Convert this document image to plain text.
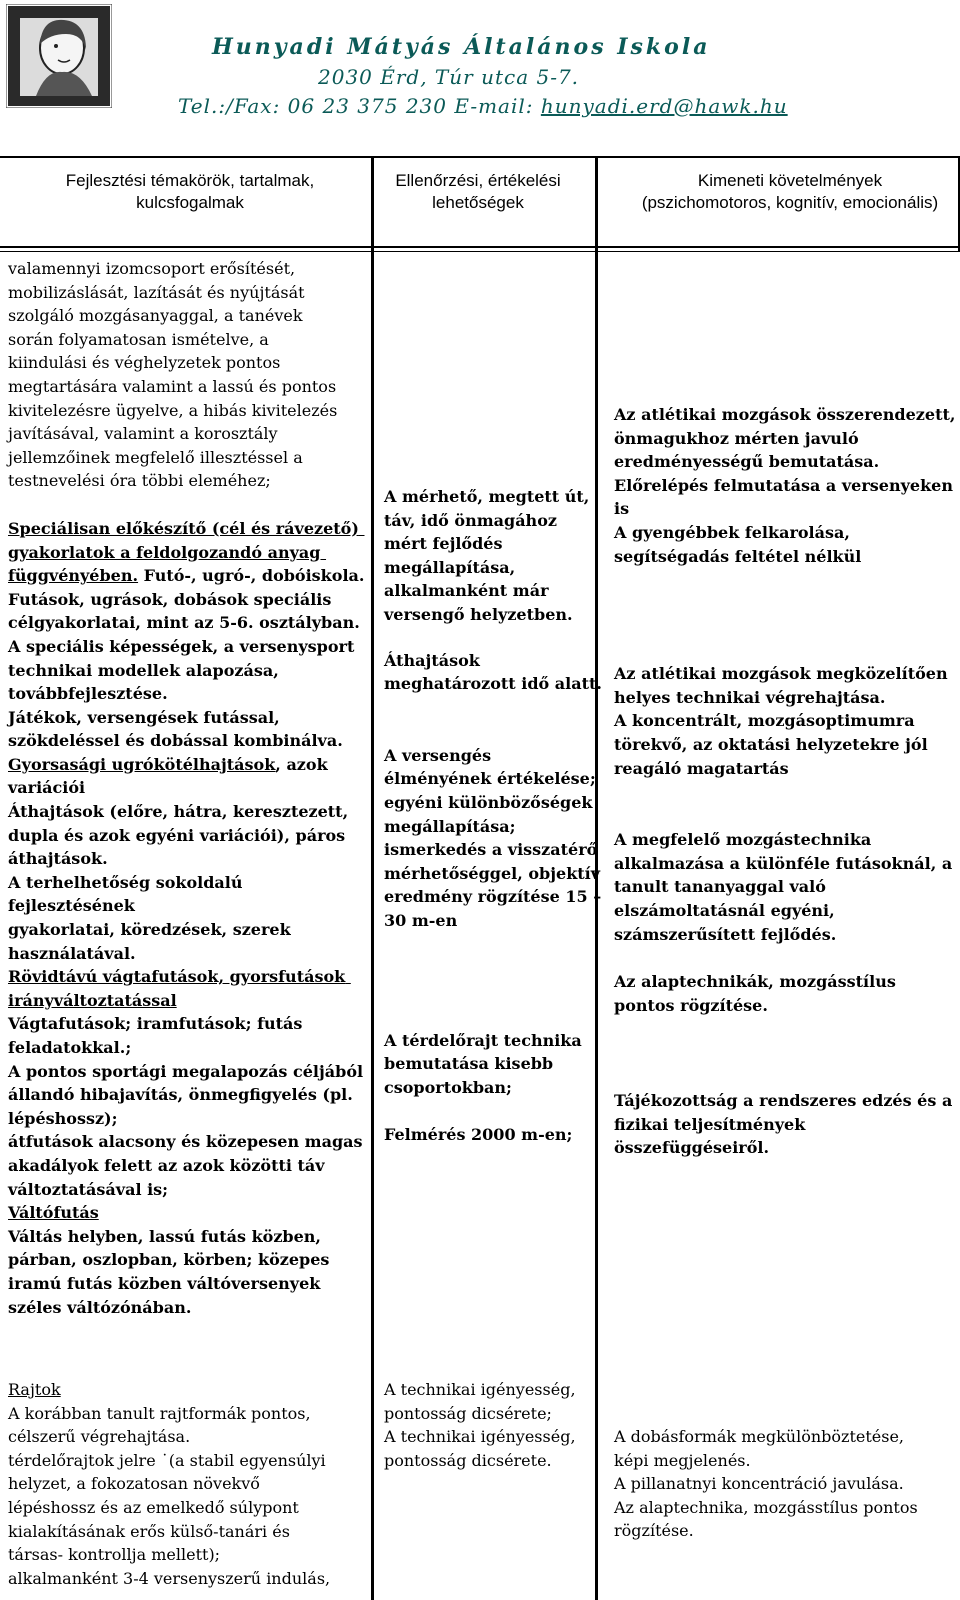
Hunyadi Mátyás Általános Iskola
2030 Érd, Túr utca 5-7.
Tel.:/Fax: 06 23 375 230 E-mail: hunyadi.erd@hawk.hu
Fejlesztési témakörök, tartalmak, kulcsfogalmak
Ellenőrzési, értékelési lehetőségek
Kimeneti követelmények (pszichomotoros, kognitív, emocionális)

valamennyi izomcsoport erősítését,

mobilizáslását, lazítását és nyújtását

szolgáló mozgásanyaggal, a tanévek

során folyamatosan ismételve, a

kiindulási és véghelyzetek pontos

megtartására valamint a lassú és pontos

kivitelezésre ügyelve, a hibás kivitelezés

javításával, valamint a korosztály

jellemzőinek megfelelő illesztéssel a

testnevelési óra többi eleméhez;

Speciálisan előkészítő (cél és rávezető) gyakorlatok a feldolgozandó anyag függvényében. Futó-, ugró-, dobóiskola.

Futások, ugrások, dobások speciális

célgyakorlatai, mint az 5-6. osztályban.

A speciális képességek, a versenysport

technikai modellek alapozása,

továbbfejlesztése.

Játékok, versengések futással,

szökdeléssel és dobással kombinálva.

Gyorsasági ugrókötélhajtások, azok variációi

Áthajtások (előre, hátra, keresztezett,

dupla és azok egyéni variációi), páros

áthajtások.

A terhelhetőség sokoldalú fejlesztésének

gyakorlatai, köredzések, szerek

használatával.

Rövidtávú vágtafutások, gyorsfutások irányváltoztatással

Vágtafutások; iramfutások; futás

feladatokkal.;

A pontos sportági megalapozás céljából

állandó hibajavítás, önmegfigyelés (pl.

lépéshossz);

átfutások alacsony és közepesen magas

akadályok felett az azok közötti táv

változtatásával is;

Váltófutás

Váltás helyben, lassú futás közben,

párban, oszlopban, körben; közepes

iramú futás közben váltóversenyek

széles váltózónában.

A mérhető, megtett út,

táv, idő önmagához

mért fejlődés

megállapítása,

alkalmanként már

versengő helyzetben.

Áthajtások

meghatározott idő alatt.

A versengés

élményének értékelése;

egyéni különbözőségek

megállapítása;

ismerkedés a visszatérő

mérhetőséggel, objektív

eredmény rögzítése 15 –

30 m-en

A térdelőrajt technika

bemutatása kisebb

csoportokban;

Felmérés 2000 m-en;

Az atlétikai mozgások összerendezett,

önmagukhoz mérten javuló

eredményességű bemutatása.

Előrelépés felmutatása a versenyeken

is

A gyengébbek felkarolása,

segítségadás feltétel nélkül

Az atlétikai mozgások megközelítően

helyes technikai végrehajtása.

A koncentrált, mozgásoptimumra

törekvő, az oktatási helyzetekre jól

reagáló magatartás

A megfelelő mozgástechnika

alkalmazása a különféle futásoknál, a

tanult tananyaggal való

elszámoltatásnál egyéni,

számszerűsített fejlődés.

Az alaptechnikák, mozgásstílus

pontos rögzítése.

Tájékozottság a rendszeres edzés és a

fizikai teljesítmények

összefüggéseiről.

Rajtok

A korábban tanult rajtformák pontos,

célszerű végrehajtása.

térdelőrajtok jelre ˙(a stabil egyensúlyi

helyzet, a fokozatosan növekvő

lépéshossz és az emelkedő súlypont

kialakításának erős külső-tanári és

társas- kontrollja mellett);

alkalmanként 3-4 versenyszerű indulás,

A technikai igényesség,

pontosság dicsérete;

A technikai igényesség,

pontosság dicsérete.

A dobásformák megkülönböztetése,

képi megjelenés.

A pillanatnyi koncentráció javulása.

Az alaptechnika, mozgásstílus pontos

rögzítése.
